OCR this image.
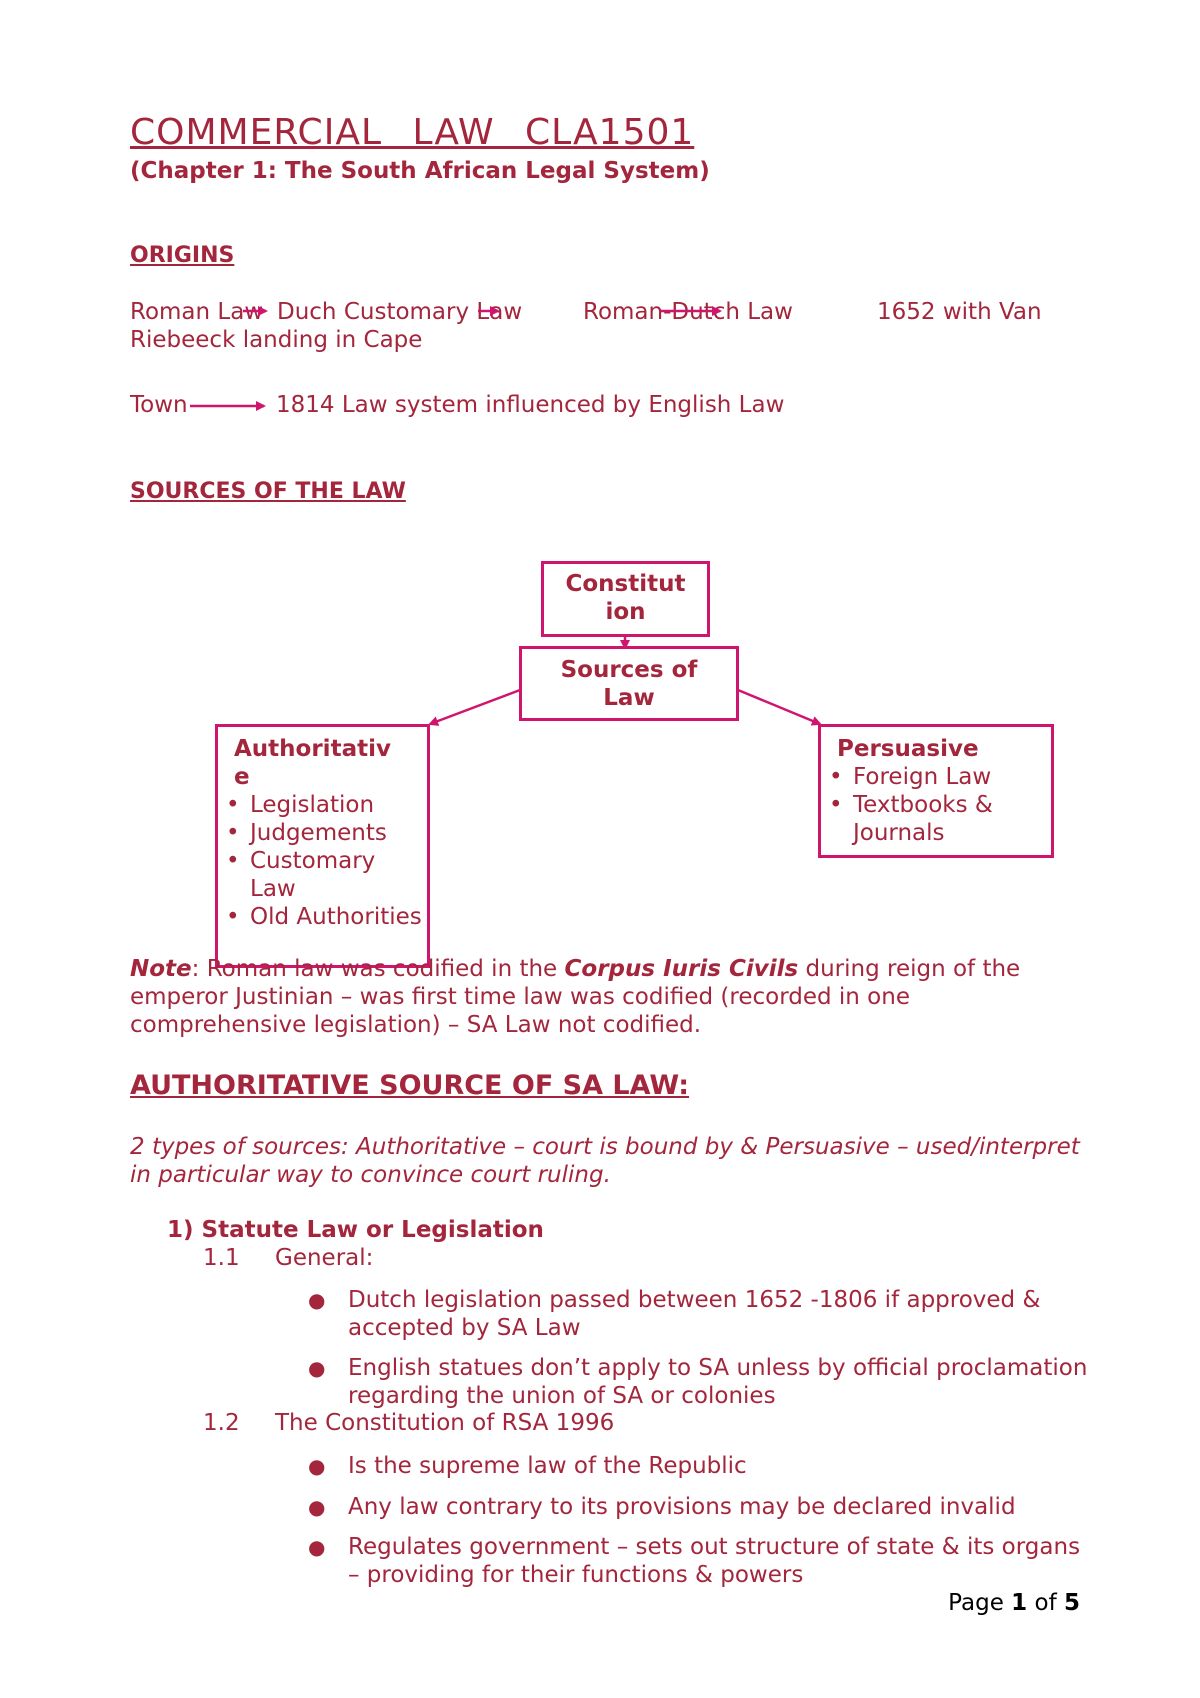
COMMERCIAL LAW CLA1501
(Chapter 1: The South African Legal System)
ORIGINS
Roman Law Duch Customary Law	Roman-Dutch Law	1652 with Van
Riebeeck landing in Cape
Town	1814 Law system influenced by English Law
SOURCES OF THE LAW
Constitut
ion
Sources of
Law
Authoritativ
e
• Legislation
• Judgements
• Customary Law
• Old Authorities
Persuasive
• Foreign Law
• Textbooks & Journals
Note: Roman law was codified in the Corpus Iuris Civils during reign of the emperor Justinian – was first time law was codified (recorded in one comprehensive legislation) – SA Law not codified.
AUTHORITATIVE SOURCE OF SA LAW:
2 types of sources: Authoritative – court is bound by & Persuasive – used/interpret in particular way to convince court ruling.
1) Statute Law or Legislation
1.1 General:
● Dutch legislation passed between 1652 -1806 if approved & accepted by SA Law
● English statues don’t apply to SA unless by official proclamation regarding the union of SA or colonies
1.2 The Constitution of RSA 1996
● Is the supreme law of the Republic
● Any law contrary to its provisions may be declared invalid
● Regulates government – sets out structure of state & its organs – providing for their functions & powers
Page 1 of 5
